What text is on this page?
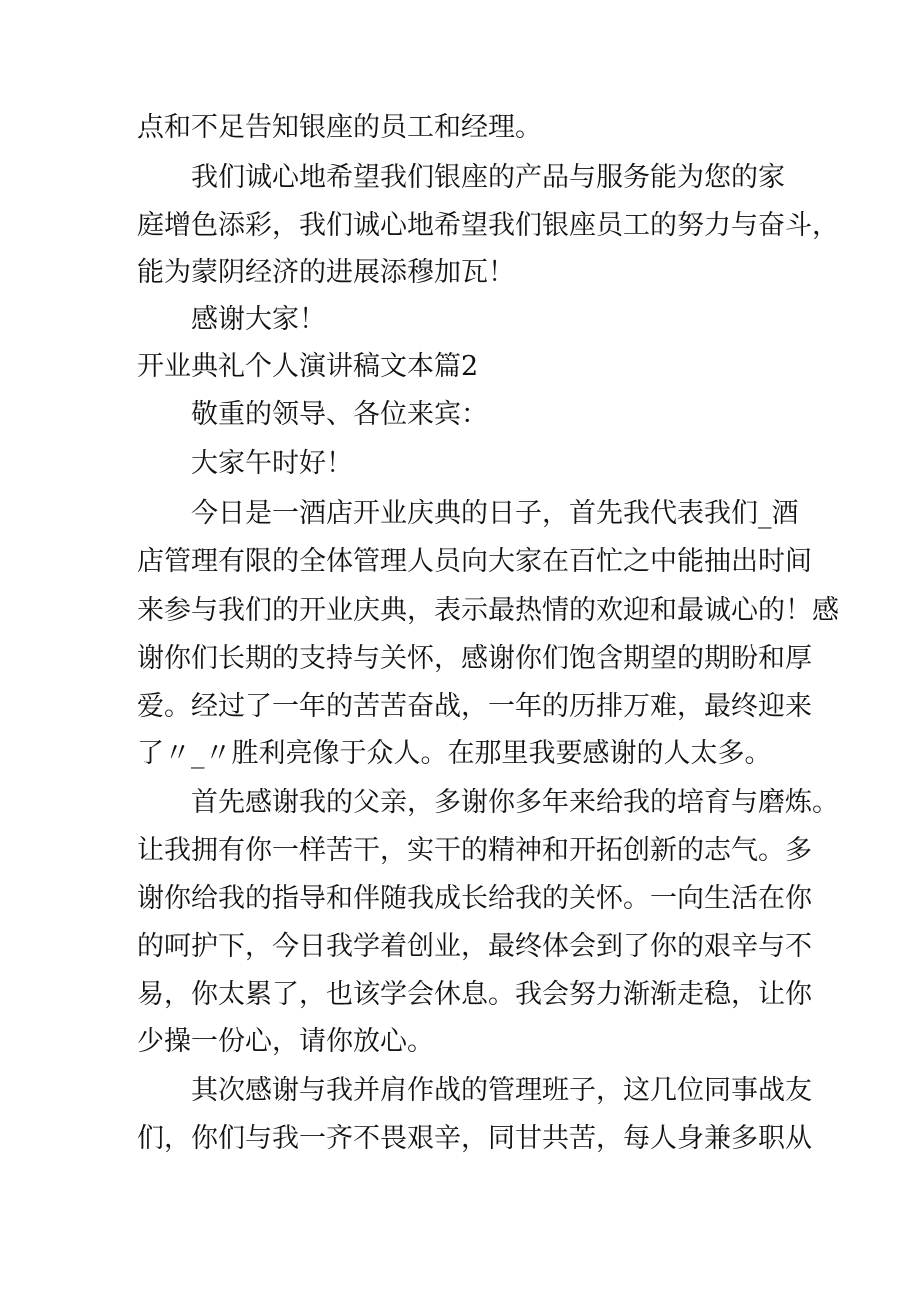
点和不足告知银座的员工和经理。
我们诚心地希望我们银座的产品与服务能为您的家
庭增色添彩，我们诚心地希望我们银座员工的努力与奋斗，
能为蒙阴经济的进展添穆加瓦！
感谢大家！
开业典礼个人演讲稿文本篇2
敬重的领导、各位来宾：
大家午时好！
今日是一酒店开业庆典的日子，首先我代表我们_酒
店管理有限的全体管理人员向大家在百忙之中能抽出时间
来参与我们的开业庆典，表示最热情的欢迎和最诚心的！感
谢你们长期的支持与关怀，感谢你们饱含期望的期盼和厚
爱。经过了一年的苦苦奋战，一年的历排万难，最终迎来
了〃_〃胜利亮像于众人。在那里我要感谢的人太多。
首先感谢我的父亲，多谢你多年来给我的培育与磨炼。
让我拥有你一样苦干，实干的精神和开拓创新的志气。多
谢你给我的指导和伴随我成长给我的关怀。一向生活在你
的呵护下，今日我学着创业，最终体会到了你的艰辛与不
易，你太累了，也该学会休息。我会努力渐渐走稳，让你
少操一份心，请你放心。
其次感谢与我并肩作战的管理班子，这几位同事战友
们，你们与我一齐不畏艰辛，同甘共苦，每人身兼多职从
